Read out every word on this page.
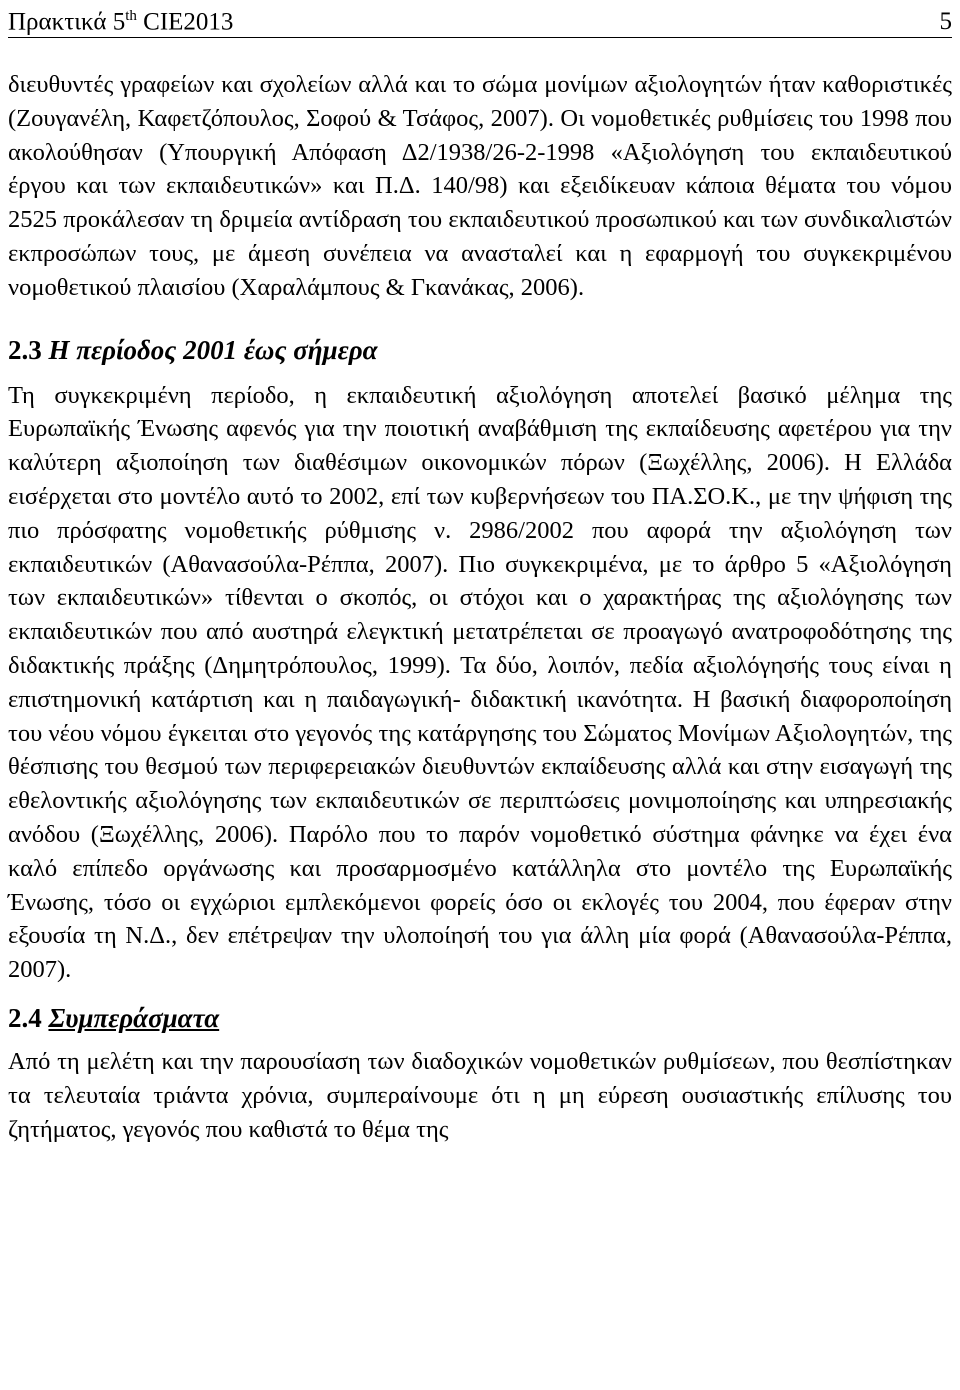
Πρακτικά 5th CIE2013	5

διευθυντές γραφείων και σχολείων αλλά και το σώμα μονίμων αξιολογητών ήταν καθοριστικές (Ζουγανέλη, Καφετζόπουλος, Σοφού & Τσάφος, 2007). Οι νομοθετικές ρυθμίσεις του 1998 που ακολούθησαν (Υπουργική Απόφαση Δ2/1938/26-2-1998 «Αξιολόγηση του εκπαιδευτικού έργου και των εκπαιδευτικών» και Π.Δ. 140/98) και εξειδίκευαν κάποια θέματα του νόμου 2525 προκάλεσαν τη δριμεία αντίδραση του εκπαιδευτικού προσωπικού και των συνδικαλιστών εκπροσώπων τους, με άμεση συνέπεια να ανασταλεί και η εφαρμογή του συγκεκριμένου νομοθετικού πλαισίου (Χαραλάμπους & Γκανάκας, 2006).

2.3 Η περίοδος 2001 έως σήμερα

Τη συγκεκριμένη περίοδο, η εκπαιδευτική αξιολόγηση αποτελεί βασικό μέλημα της Ευρωπαϊκής Ένωσης αφενός για την ποιοτική αναβάθμιση της εκπαίδευσης αφετέρου για την καλύτερη αξιοποίηση των διαθέσιμων οικονομικών πόρων (Ξωχέλλης, 2006). Η Ελλάδα εισέρχεται στο μοντέλο αυτό το 2002, επί των κυβερνήσεων του ΠΑ.ΣΟ.Κ., με την ψήφιση της πιο πρόσφατης νομοθετικής ρύθμισης ν. 2986/2002 που αφορά την αξιολόγηση των εκπαιδευτικών (Αθανασούλα-Ρέππα, 2007). Πιο συγκεκριμένα, με το άρθρο 5 «Αξιολόγηση των εκπαιδευτικών» τίθενται ο σκοπός, οι στόχοι και ο χαρακτήρας της αξιολόγησης των εκπαιδευτικών που από αυστηρά ελεγκτική μετατρέπεται σε προαγωγό ανατροφοδότησης της διδακτικής πράξης (Δημητρόπουλος, 1999). Τα δύο, λοιπόν, πεδία αξιολόγησής τους είναι η επιστημονική κατάρτιση και η παιδαγωγική- διδακτική ικανότητα. Η βασική διαφοροποίηση του νέου νόμου έγκειται στο γεγονός της κατάργησης του Σώματος Μονίμων Αξιολογητών, της θέσπισης του θεσμού των περιφερειακών διευθυντών εκπαίδευσης αλλά και στην εισαγωγή της εθελοντικής αξιολόγησης των εκπαιδευτικών σε περιπτώσεις μονιμοποίησης και υπηρεσιακής ανόδου (Ξωχέλλης, 2006). Παρόλο που το παρόν νομοθετικό σύστημα φάνηκε να έχει ένα καλό επίπεδο οργάνωσης και προσαρμοσμένο κατάλληλα στο μοντέλο της Ευρωπαϊκής Ένωσης, τόσο οι εγχώριοι εμπλεκόμενοι φορείς όσο οι εκλογές του 2004, που έφεραν στην εξουσία τη Ν.Δ., δεν επέτρεψαν την υλοποίησή του για άλλη μία φορά (Αθανασούλα-Ρέππα, 2007).

2.4 Συμπεράσματα

Από τη μελέτη και την παρουσίαση των διαδοχικών νομοθετικών ρυθμίσεων, που θεσπίστηκαν τα τελευταία τριάντα χρόνια, συμπεραίνουμε ότι η μη εύρεση ουσιαστικής επίλυσης του ζητήματος, γεγονός που καθιστά το θέμα της
